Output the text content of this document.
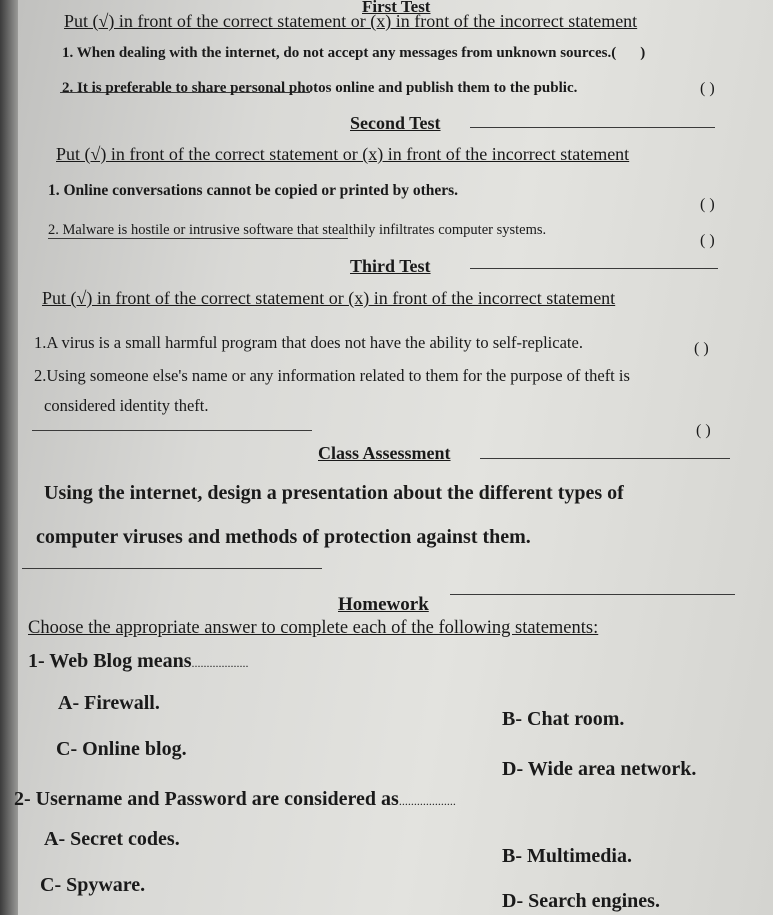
First Test
Put (√) in front of the correct statement or (x) in front of the incorrect statement
1. When dealing with the internet, do not accept any messages from unknown sources.( )
2. It is preferable to share personal photos online and publish them to the public.	( )
Second Test
Put (√) in front of the correct statement or (x) in front of the incorrect statement
1. Online conversations cannot be copied or printed by others.
( )
2. Malware is hostile or intrusive software that stealthily infiltrates computer systems.
( )
Third Test
Put (√) in front of the correct statement or (x) in front of the incorrect statement
1.A virus is a small harmful program that does not have the ability to self-replicate.	( )
2.Using someone else's name or any information related to them for the purpose of theft is
considered identity theft.
( )
Class Assessment
Using the internet, design a presentation about the different types of
computer viruses and methods of protection against them.
Homework
Choose the appropriate answer to complete each of the following statements:
1- Web Blog means...................
A- Firewall.
B- Chat room.
C- Online blog.
D- Wide area network.
2- Username and Password are considered as...................
A- Secret codes.
B- Multimedia.
C- Spyware.
D- Search engines.
